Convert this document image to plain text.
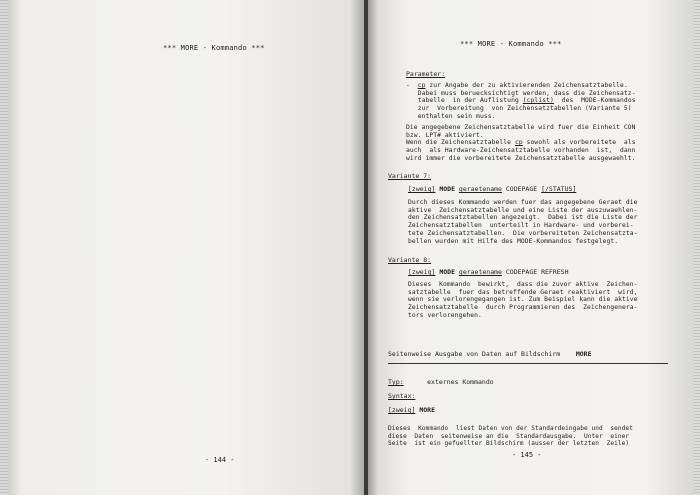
*** MORE - Kommando ***
- 144 -
*** MORE - Kommando ***
Parameter:
- cp zur Angabe der zu aktivierenden Zeichensatztabelle.
Dabei muss beruecksichtigt werden, dass die Zeichensatz-
tabelle  in der Auflistung (cplist)  des  MODE-Kommandos
zur  Vorbereitung  von Zeichensatztabellen (Variante 5)
enthalten sein muss.
Die angegebene Zeichensatztabelle wird fuer die Einheit CON
bzw. LPT# aktiviert.
Wenn die Zeichensatztabelle cp sowohl als vorbereitete  als
auch  als Hardware-Zeichensatztabelle vorhanden  ist,  dann
wird immer die vorbereitete Zeichensatztabelle ausgewaehlt.
Variante 7:
[zweig] MODE geraetename CODEPAGE [/STATUS]
Durch dieses Kommando werden fuer das angegebene Geraet die
aktive  Zeichensatztabelle und eine Liste der auszuwaehlen-
den Zeichensatztabellen angezeigt.  Dabei ist die Liste der
Zeichensatztabellen  unterteilt in Hardware- und vorberei-
tete Zeichensatztabellen.  Die vorbereiteten Zeichensatzta-
bellen wurden mit Hilfe des MODE-Kommandos festgelegt.
Variante 8:
[zweig] MODE geraetename CODEPAGE REFRESH
Dieses  Kommando  bewirkt,  dass die zuvor aktive  Zeichen-
satztabelle  fuer das betreffende Geraet reaktiviert  wird,
wenn sie verlorengegangen ist. Zum Beispiel kann die aktive
Zeichensatztabelle  durch Programmieren des  Zeichengenera-
tors verlorengehen.
Seitenweise Ausgabe von Daten auf Bildschirm MORE
Typ:	externes Kommando
Syntax:
[zweig] MORE
Dieses  Kommando  liest Daten von der Standardeingabe und  sendet
diese  Daten  seitenweise an die  Standardausgabe.  Unter  einer
Seite  ist ein gefuellter Bildschirm (ausser der letzten  Zeile)
- 145 -
